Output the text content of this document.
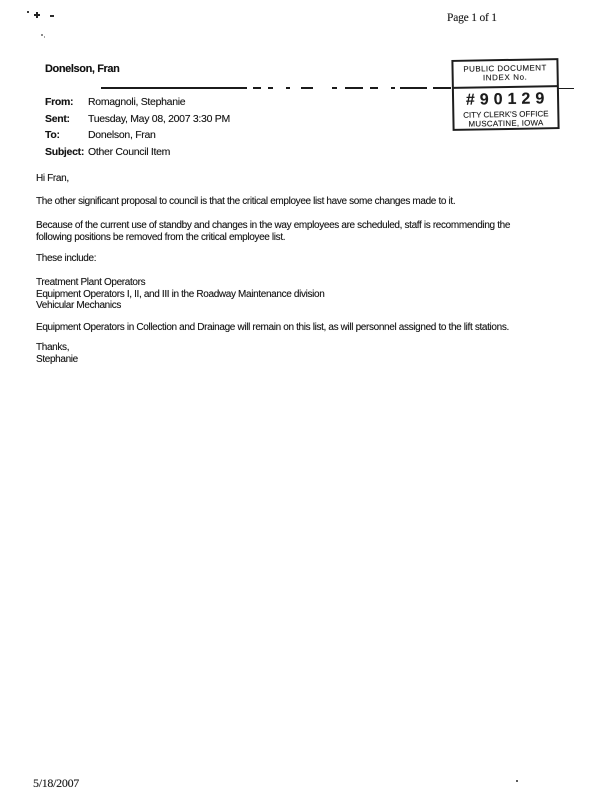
Page 1 of 1
Donelson, Fran	PUBLIC DOCUMENT
INDEX No.
#90129
CITY CLERK'S OFFICE
MUSCATINE, IOWA
From:	Romagnoli, Stephanie
Sent:	Tuesday, May 08, 2007 3:30 PM
To:	Donelson, Fran
Subject: Other Council Item
Hi Fran,
The other significant proposal to council is that the critical employee list have some changes made to it.
Because of the current use of standby and changes in the way employees are scheduled, staff is recommending the
following positions be removed from the critical employee list.
These include:
Treatment Plant Operators
Equipment Operators I, II, and III in the Roadway Maintenance division
Vehicular Mechanics
Equipment Operators in Collection and Drainage will remain on this list, as will personnel assigned to the lift stations.
Thanks,
Stephanie
5/18/2007
